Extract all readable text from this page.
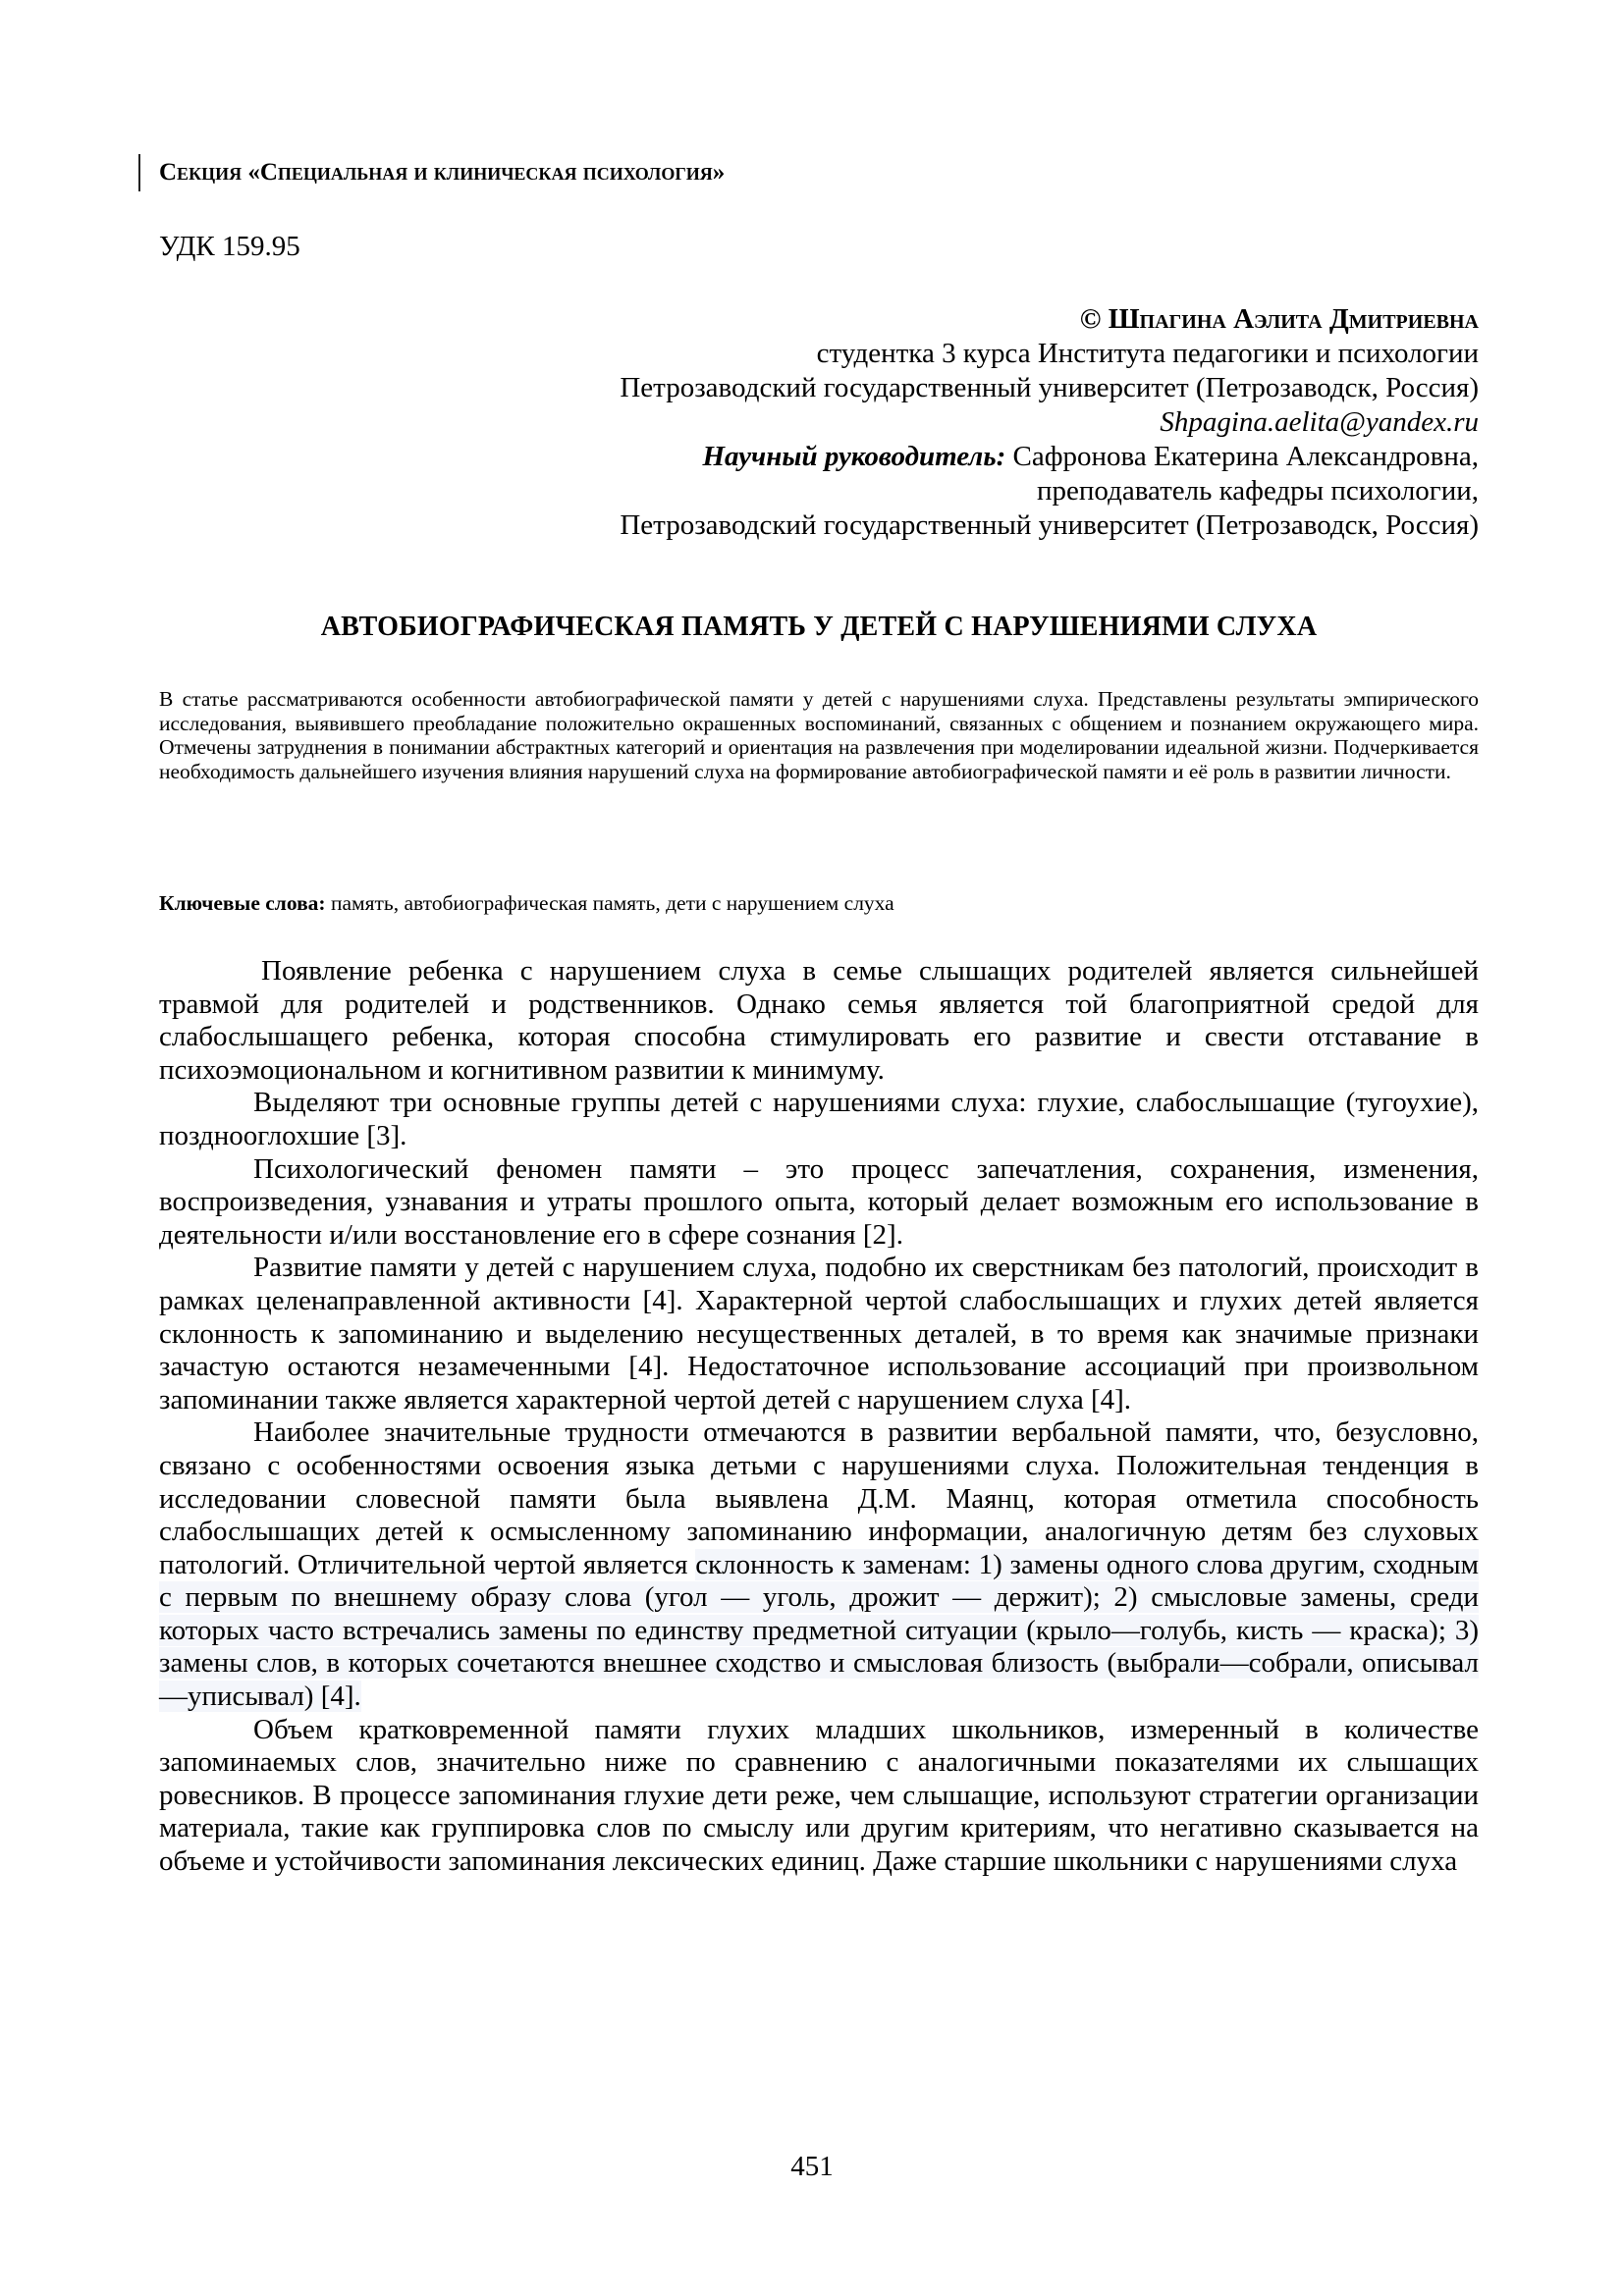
Секция «Специальная и клиническая психология»
УДК 159.95
© Шпагина Аэлита Дмитриевна
студентка 3 курса Института педагогики и психологии
Петрозаводский государственный университет (Петрозаводск, Россия)
Shpagina.aelita@yandex.ru
Научный руководитель: Сафронова Екатерина Александровна,
преподаватель кафедры психологии,
Петрозаводский государственный университет (Петрозаводск, Россия)
АВТОБИОГРАФИЧЕСКАЯ ПАМЯТЬ У ДЕТЕЙ С НАРУШЕНИЯМИ СЛУХА
В статье рассматриваются особенности автобиографической памяти у детей с нарушениями слуха. Представлены результаты эмпирического исследования, выявившего преобладание положительно окрашенных воспоминаний, связанных с общением и познанием окружающего мира. Отмечены затруднения в понимании абстрактных категорий и ориентация на развлечения при моделировании идеальной жизни. Подчеркивается необходимость дальнейшего изучения влияния нарушений слуха на формирование автобиографической памяти и её роль в развитии личности.
Ключевые слова: память, автобиографическая память, дети с нарушением слуха

Появление ребенка с нарушением слуха в семье слышащих родителей является сильнейшей травмой для родителей и родственников. Однако семья является той благоприятной средой для слабослышащего ребенка, которая способна стимулировать его развитие и свести отставание в психоэмоциональном и когнитивном развитии к минимуму.

Выделяют три основные группы детей с нарушениями слуха: глухие, слабослышащие (тугоухие), позднооглохшие [3].

Психологический феномен памяти – это процесс запечатления, сохранения, изменения, воспроизведения, узнавания и утраты прошлого опыта, который делает возможным его использование в деятельности и/или восстановление его в сфере сознания [2].

Развитие памяти у детей с нарушением слуха, подобно их сверстникам без патологий, происходит в рамках целенаправленной активности [4]. Характерной чертой слабослышащих и глухих детей является склонность к запоминанию и выделению несущественных деталей, в то время как значимые признаки зачастую остаются незамеченными [4]. Недостаточное использование ассоциаций при произвольном запоминании также является характерной чертой детей с нарушением слуха [4].

Наиболее значительные трудности отмечаются в развитии вербальной памяти, что, безусловно, связано с особенностями освоения языка детьми с нарушениями слуха. Положительная тенденция в исследовании словесной памяти была выявлена Д.М. Маянц, которая отметила способность слабослышащих детей к осмысленному запоминанию информации, аналогичную детям без слуховых патологий. Отличительной чертой является склонность к заменам: 1) замены одного слова другим, сходным с первым по внешнему образу слова (угол — уголь, дрожит — держит); 2) смысловые замены, среди которых часто встречались замены по единству предметной ситуации (крыло—голубь, кисть — краска); 3) замены слов, в которых сочетаются внешнее сходство и смысловая близость (выбрали—собрали, описывал—уписывал) [4].

Объем кратковременной памяти глухих младших школьников, измеренный в количестве запоминаемых слов, значительно ниже по сравнению с аналогичными показателями их слышащих ровесников. В процессе запоминания глухие дети реже, чем слышащие, используют стратегии организации материала, такие как группировка слов по смыслу или другим критериям, что негативно сказывается на объеме и устойчивости запоминания лексических единиц. Даже старшие школьники с нарушениями слуха

451
